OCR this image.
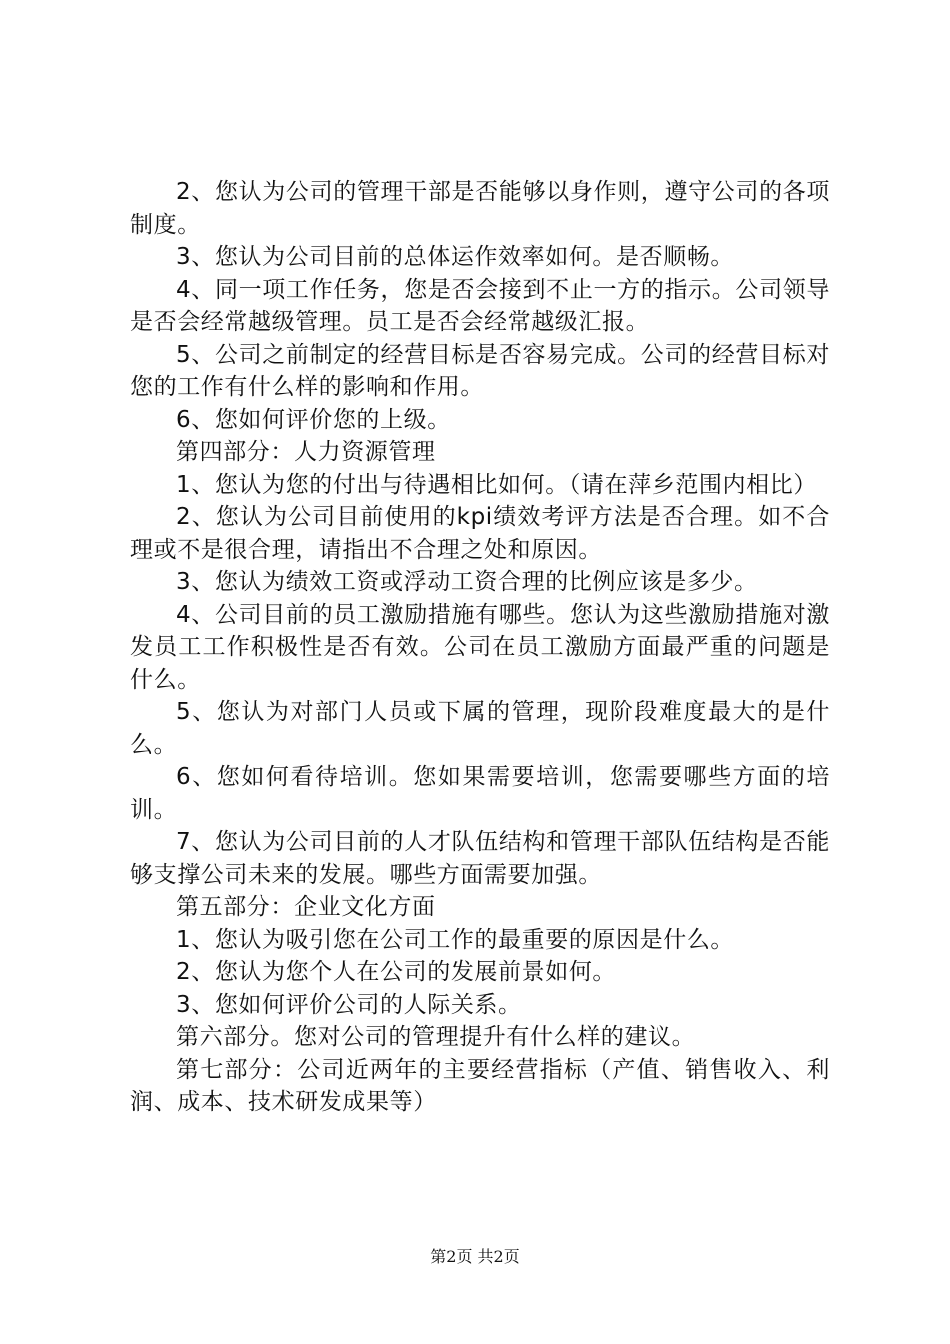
2、您认为公司的管理干部是否能够以身作则，遵守公司的各项制度。

3、您认为公司目前的总体运作效率如何。是否顺畅。

4、同一项工作任务，您是否会接到不止一方的指示。公司领导是否会经常越级管理。员工是否会经常越级汇报。

5、公司之前制定的经营目标是否容易完成。公司的经营目标对您的工作有什么样的影响和作用。

6、您如何评价您的上级。

第四部分：人力资源管理

1、您认为您的付出与待遇相比如何。（请在萍乡范围内相比）

2、您认为公司目前使用的kpi绩效考评方法是否合理。如不合理或不是很合理，请指出不合理之处和原因。

3、您认为绩效工资或浮动工资合理的比例应该是多少。

4、公司目前的员工激励措施有哪些。您认为这些激励措施对激发员工工作积极性是否有效。公司在员工激励方面最严重的问题是什么。

5、您认为对部门人员或下属的管理，现阶段难度最大的是什么。

6、您如何看待培训。您如果需要培训，您需要哪些方面的培训。

7、您认为公司目前的人才队伍结构和管理干部队伍结构是否能够支撑公司未来的发展。哪些方面需要加强。

第五部分：企业文化方面

1、您认为吸引您在公司工作的最重要的原因是什么。

2、您认为您个人在公司的发展前景如何。

3、您如何评价公司的人际关系。

第六部分。您对公司的管理提升有什么样的建议。

第七部分：公司近两年的主要经营指标（产值、销售收入、利润、成本、技术研发成果等）

第2页 共2页
